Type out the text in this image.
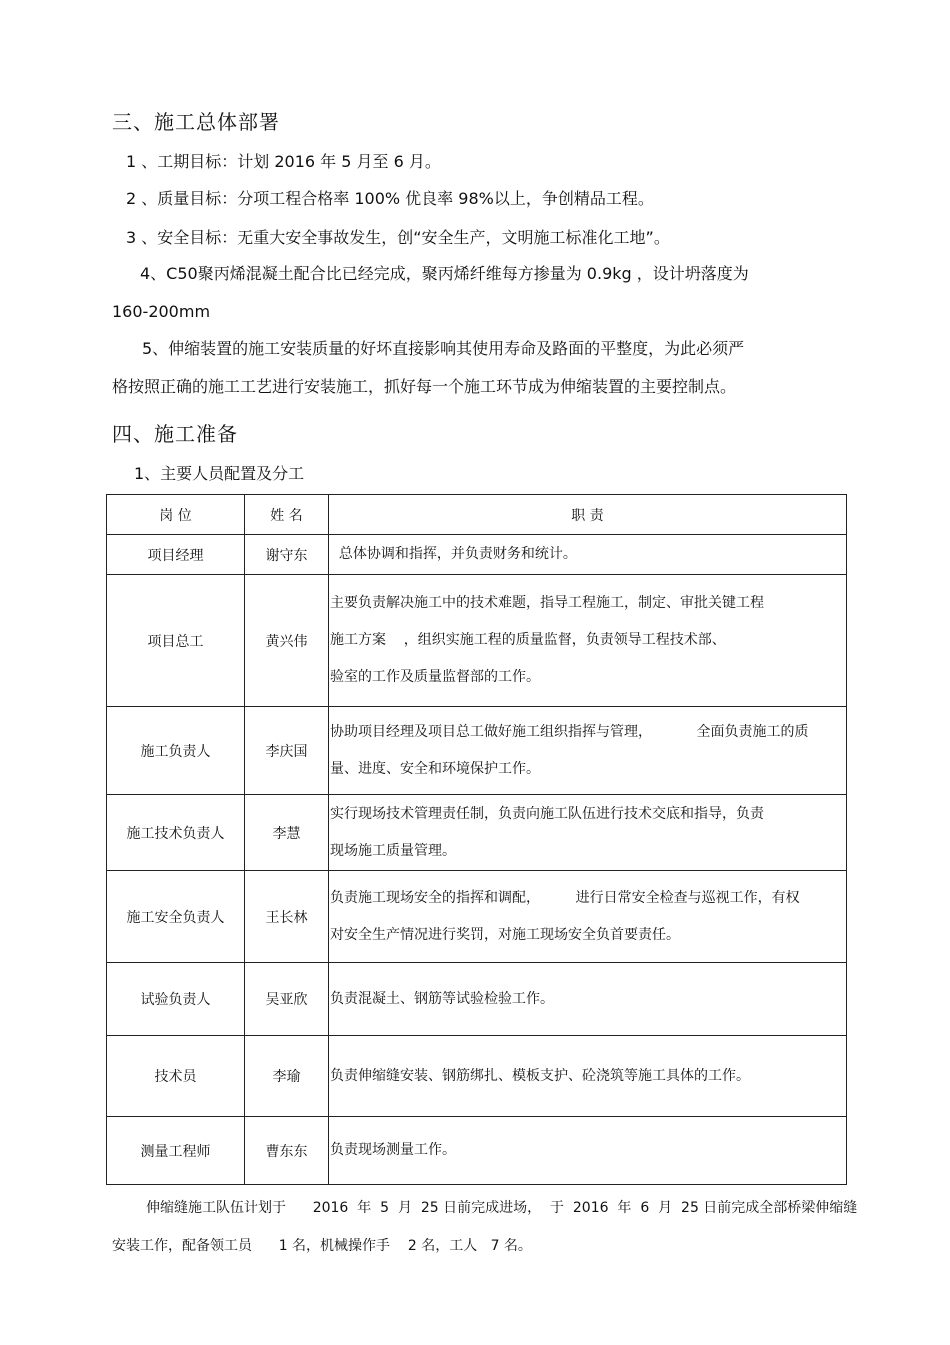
三、施工总体部署
1 、工期目标：计划 2016 年 5 月至 6 月。
2 、质量目标：分项工程合格率 100% 优良率 98%以上，争创精品工程。
3 、安全目标：无重大安全事故发生，创“安全生产，文明施工标准化工地”。
4、C50聚丙烯混凝土配合比已经完成，聚丙烯纤维每方掺量为 0.9kg ，设计坍落度为
160-200mm
5、伸缩装置的施工安装质量的好坏直接影响其使用寿命及路面的平整度，为此必须严
格按照正确的施工工艺进行安装施工，抓好每一个施工环节成为伸缩装置的主要控制点。
四、施工准备
1、主要人员配置及分工
岗 位	姓 名	职 责
项目经理	谢守东	总体协调和指挥，并负责财务和统计。

项目总工	黄兴伟	主要负责解决施工中的技术难题，指导工程施工，制定、审批关键工程
施工方案    ，组织实施工程的质量监督，负责领导工程技术部、
验室的工作及质量监督部的工作。

施工负责人	李庆国	协助项目经理及项目总工做好施工组织指挥与管理，          全面负责施工的质
量、进度、安全和环境保护工作。

施工技术负责人	李慧	实行现场技术管理责任制，负责向施工队伍进行技术交底和指导，负责
现场施工质量管理。

施工安全负责人	王长林	负责施工现场安全的指挥和调配，        进行日常安全检查与巡视工作，有权
对安全生产情况进行奖罚，对施工现场安全负首要责任。

试验负责人	吴亚欣	负责混凝土、钢筋等试验检验工作。

技术员	李瑜	负责伸缩缝安装、钢筋绑扎、模板支护、砼浇筑等施工具体的工作。

测量工程师	曹东东	负责现场测量工作。
伸缩缝施工队伍计划于      2016  年  5  月  25 日前完成进场，  于  2016  年  6  月  25 日前完成全部桥梁伸缩缝
安装工作，配备领工员      1 名，机械操作手    2 名，工人   7 名。
